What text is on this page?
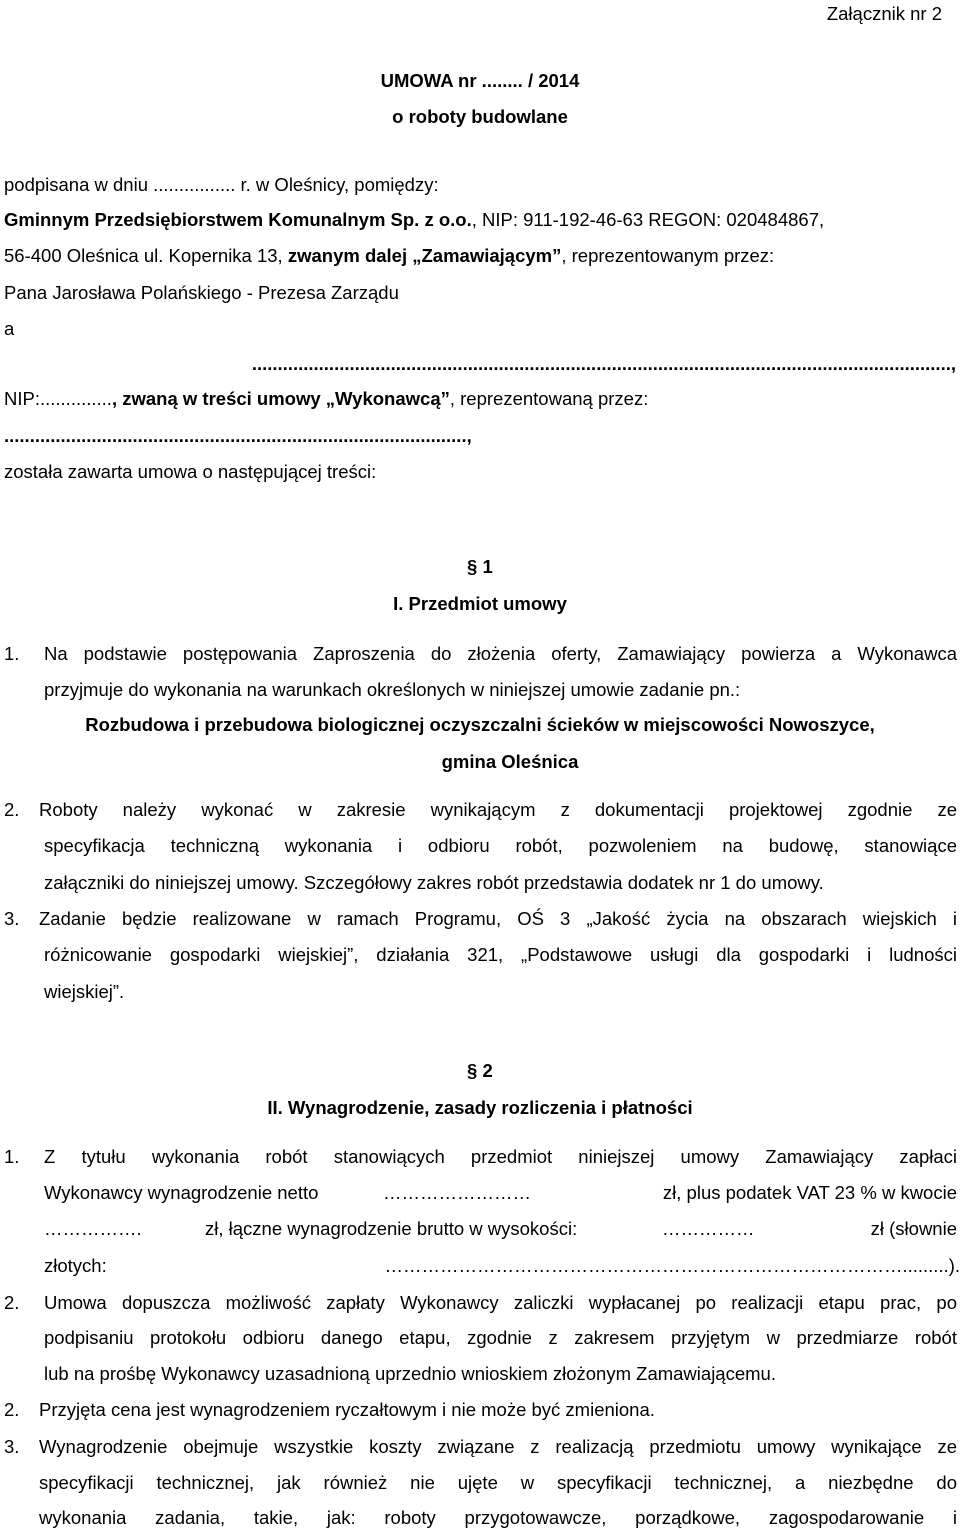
Załącznik nr 2
UMOWA nr ........ / 2014
o roboty budowlane
podpisana w dniu ................ r. w Oleśnicy, pomiędzy:
Gminnym Przedsiębiorstwem Komunalnym Sp. z o.o., NIP: 911-192-46-63 REGON: 020484867,
56-400 Oleśnica ul. Kopernika 13, zwanym dalej „Zamawiającym”, reprezentowanym przez:
Pana Jarosława Polańskiego - Prezesa Zarządu
a
........................................................................................................................................,
NIP:.............., zwaną w treści umowy „Wykonawcą”, reprezentowaną przez:
..........................................................................................,
została zawarta umowa o następującej treści:
§ 1
I. Przedmiot umowy
1. Na podstawie postępowania Zaproszenia do złożenia oferty, Zamawiający powierza a Wykonawca
przyjmuje do wykonania na warunkach określonych w niniejszej umowie zadanie pn.:
Rozbudowa i przebudowa biologicznej oczyszczalni ścieków w miejscowości Nowoszyce,
gmina Oleśnica
2. Roboty należy wykonać w zakresie wynikającym z dokumentacji projektowej zgodnie ze
specyfikacja techniczną wykonania i odbioru robót, pozwoleniem na budowę, stanowiące
załączniki do niniejszej umowy. Szczegółowy zakres robót przedstawia dodatek nr 1 do umowy.
3. Zadanie będzie realizowane w ramach Programu, OŚ 3 „Jakość życia na obszarach wiejskich i
różnicowanie gospodarki wiejskiej”, działania 321, „Podstawowe usługi dla gospodarki i ludności
wiejskiej”.
§ 2
II. Wynagrodzenie, zasady rozliczenia i płatności
1. Z tytułu wykonania robót stanowiących przedmiot niniejszej umowy Zamawiający zapłaci
Wykonawcy wynagrodzenie netto	……………………	zł, plus podatek VAT 23 % w kwocie
…………….	zł, łączne wynagrodzenie brutto w wysokości:	……………	zł (słownie
złotych:	………………………………………………………………………….........).
2. Umowa dopuszcza możliwość zapłaty Wykonawcy zaliczki wypłacanej po realizacji etapu prac, po
podpisaniu protokołu odbioru danego etapu, zgodnie z zakresem przyjętym w przedmiarze robót
lub na prośbę Wykonawcy uzasadnioną uprzednio wnioskiem złożonym Zamawiającemu.
2. Przyjęta cena jest wynagrodzeniem ryczałtowym i nie może być zmieniona.
3. Wynagrodzenie obejmuje wszystkie koszty związane z realizacją przedmiotu umowy wynikające ze
specyfikacji technicznej, jak również nie ujęte w specyfikacji technicznej, a niezbędne do
wykonania zadania, takie, jak: roboty przygotowawcze, porządkowe, zagospodarowanie i
